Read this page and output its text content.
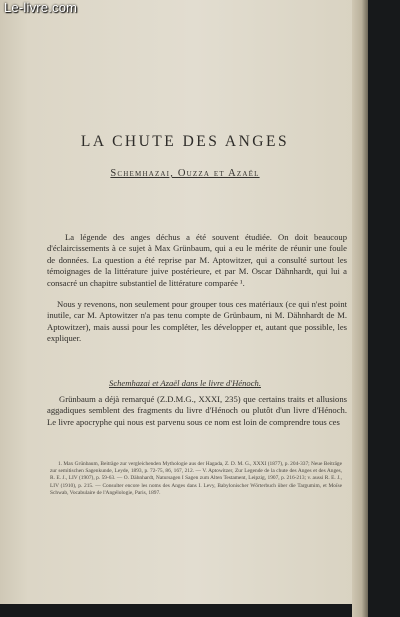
LA CHUTE DES ANGES
Schemhazai, Ouzza et Azaël
La légende des anges déchus a été souvent étudiée. On doit beaucoup d'éclaircissements à ce sujet à Max Grünbaum, qui a eu le mérite de réunir une foule de données. La question a été reprise par M. Aptowitzer, qui a consulté surtout les témoignages de la littérature juive postérieure, et par M. Oscar Dähnhardt, qui lui a consacré un chapitre substantiel de littérature comparée ¹.
Nous y revenons, non seulement pour grouper tous ces matériaux (ce qui n'est point inutile, car M. Aptowitzer n'a pas tenu compte de Grünbaum, ni M. Dähnhardt de M. Aptowitzer), mais aussi pour les compléter, les développer et, autant que possible, les expliquer.
Schemhazai et Azaël dans le livre d'Hénoch.
Grünbaum a déjà remarqué (Z.D.M.G., XXXI, 235) que certains traits et allusions aggadiques semblent des fragments du livre d'Hénoch ou plutôt d'un livre d'Hénoch. Le livre apocryphe qui nous est parvenu sous ce nom est loin de comprendre tous ces
1. Max Grünbaum, Beiträge zur vergleichenden Mythologie aus der Hagada, Z. D. M. G., XXXI (1877), p. 204-337; Neue Beiträge zur semitischen Sagenkunde, Leyde, 1893, p. 72-75, 86, 167, 212. — V. Aptowitzer, Zur Legende de la chute des Anges et des Anges, R. E. J., LIV (1907), p. 59-63. — O. Dähnhardt, Natursagen I Sagen zum Alten Testament, Leipzig, 1907, p. 216-213; v. aussi R. E. J., LIV (1910), p. 215. — Consulter encore les noms des Anges dans I. Levy, Babylonischer Wörterbuch über die Targumim, et Moïse Schwab, Vocabulaire de l'Angélologie, Paris, 1897.
Le-livre.com
